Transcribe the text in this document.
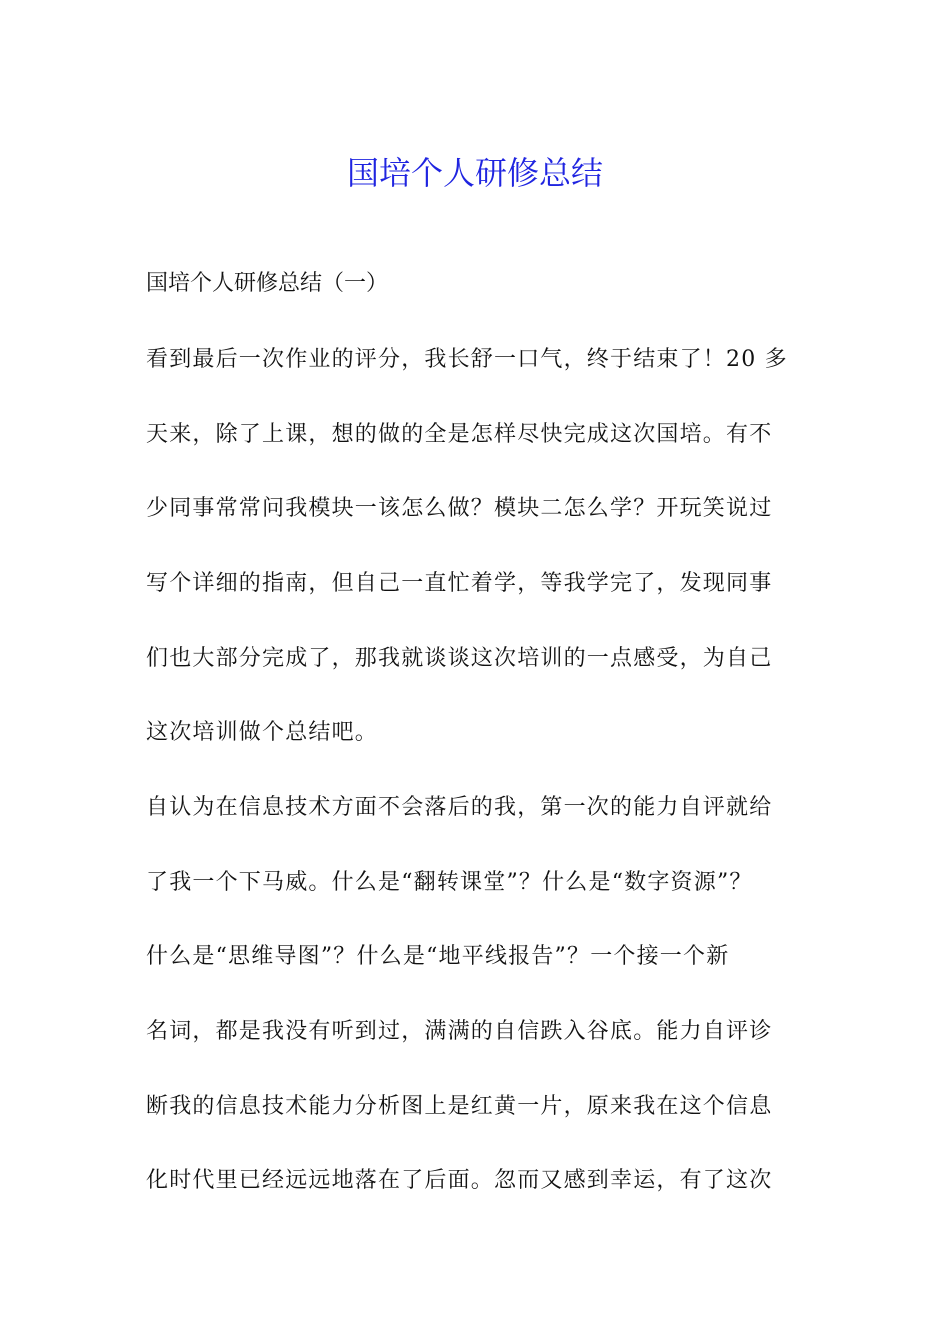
国培个人研修总结
国培个人研修总结（一）
看到最后一次作业的评分，我长舒一口气，终于结束了！20 多
天来，除了上课，想的做的全是怎样尽快完成这次国培。有不
少同事常常问我模块一该怎么做？模块二怎么学？开玩笑说过
写个详细的指南，但自己一直忙着学，等我学完了，发现同事
们也大部分完成了，那我就谈谈这次培训的一点感受，为自己
这次培训做个总结吧。
自认为在信息技术方面不会落后的我，第一次的能力自评就给
了我一个下马威。什么是“翻转课堂”？什么是“数字资源”？
什么是“思维导图”？什么是“地平线报告”？一个接一个新
名词，都是我没有听到过，满满的自信跌入谷底。能力自评诊
断我的信息技术能力分析图上是红黄一片，原来我在这个信息
化时代里已经远远地落在了后面。忽而又感到幸运，有了这次
